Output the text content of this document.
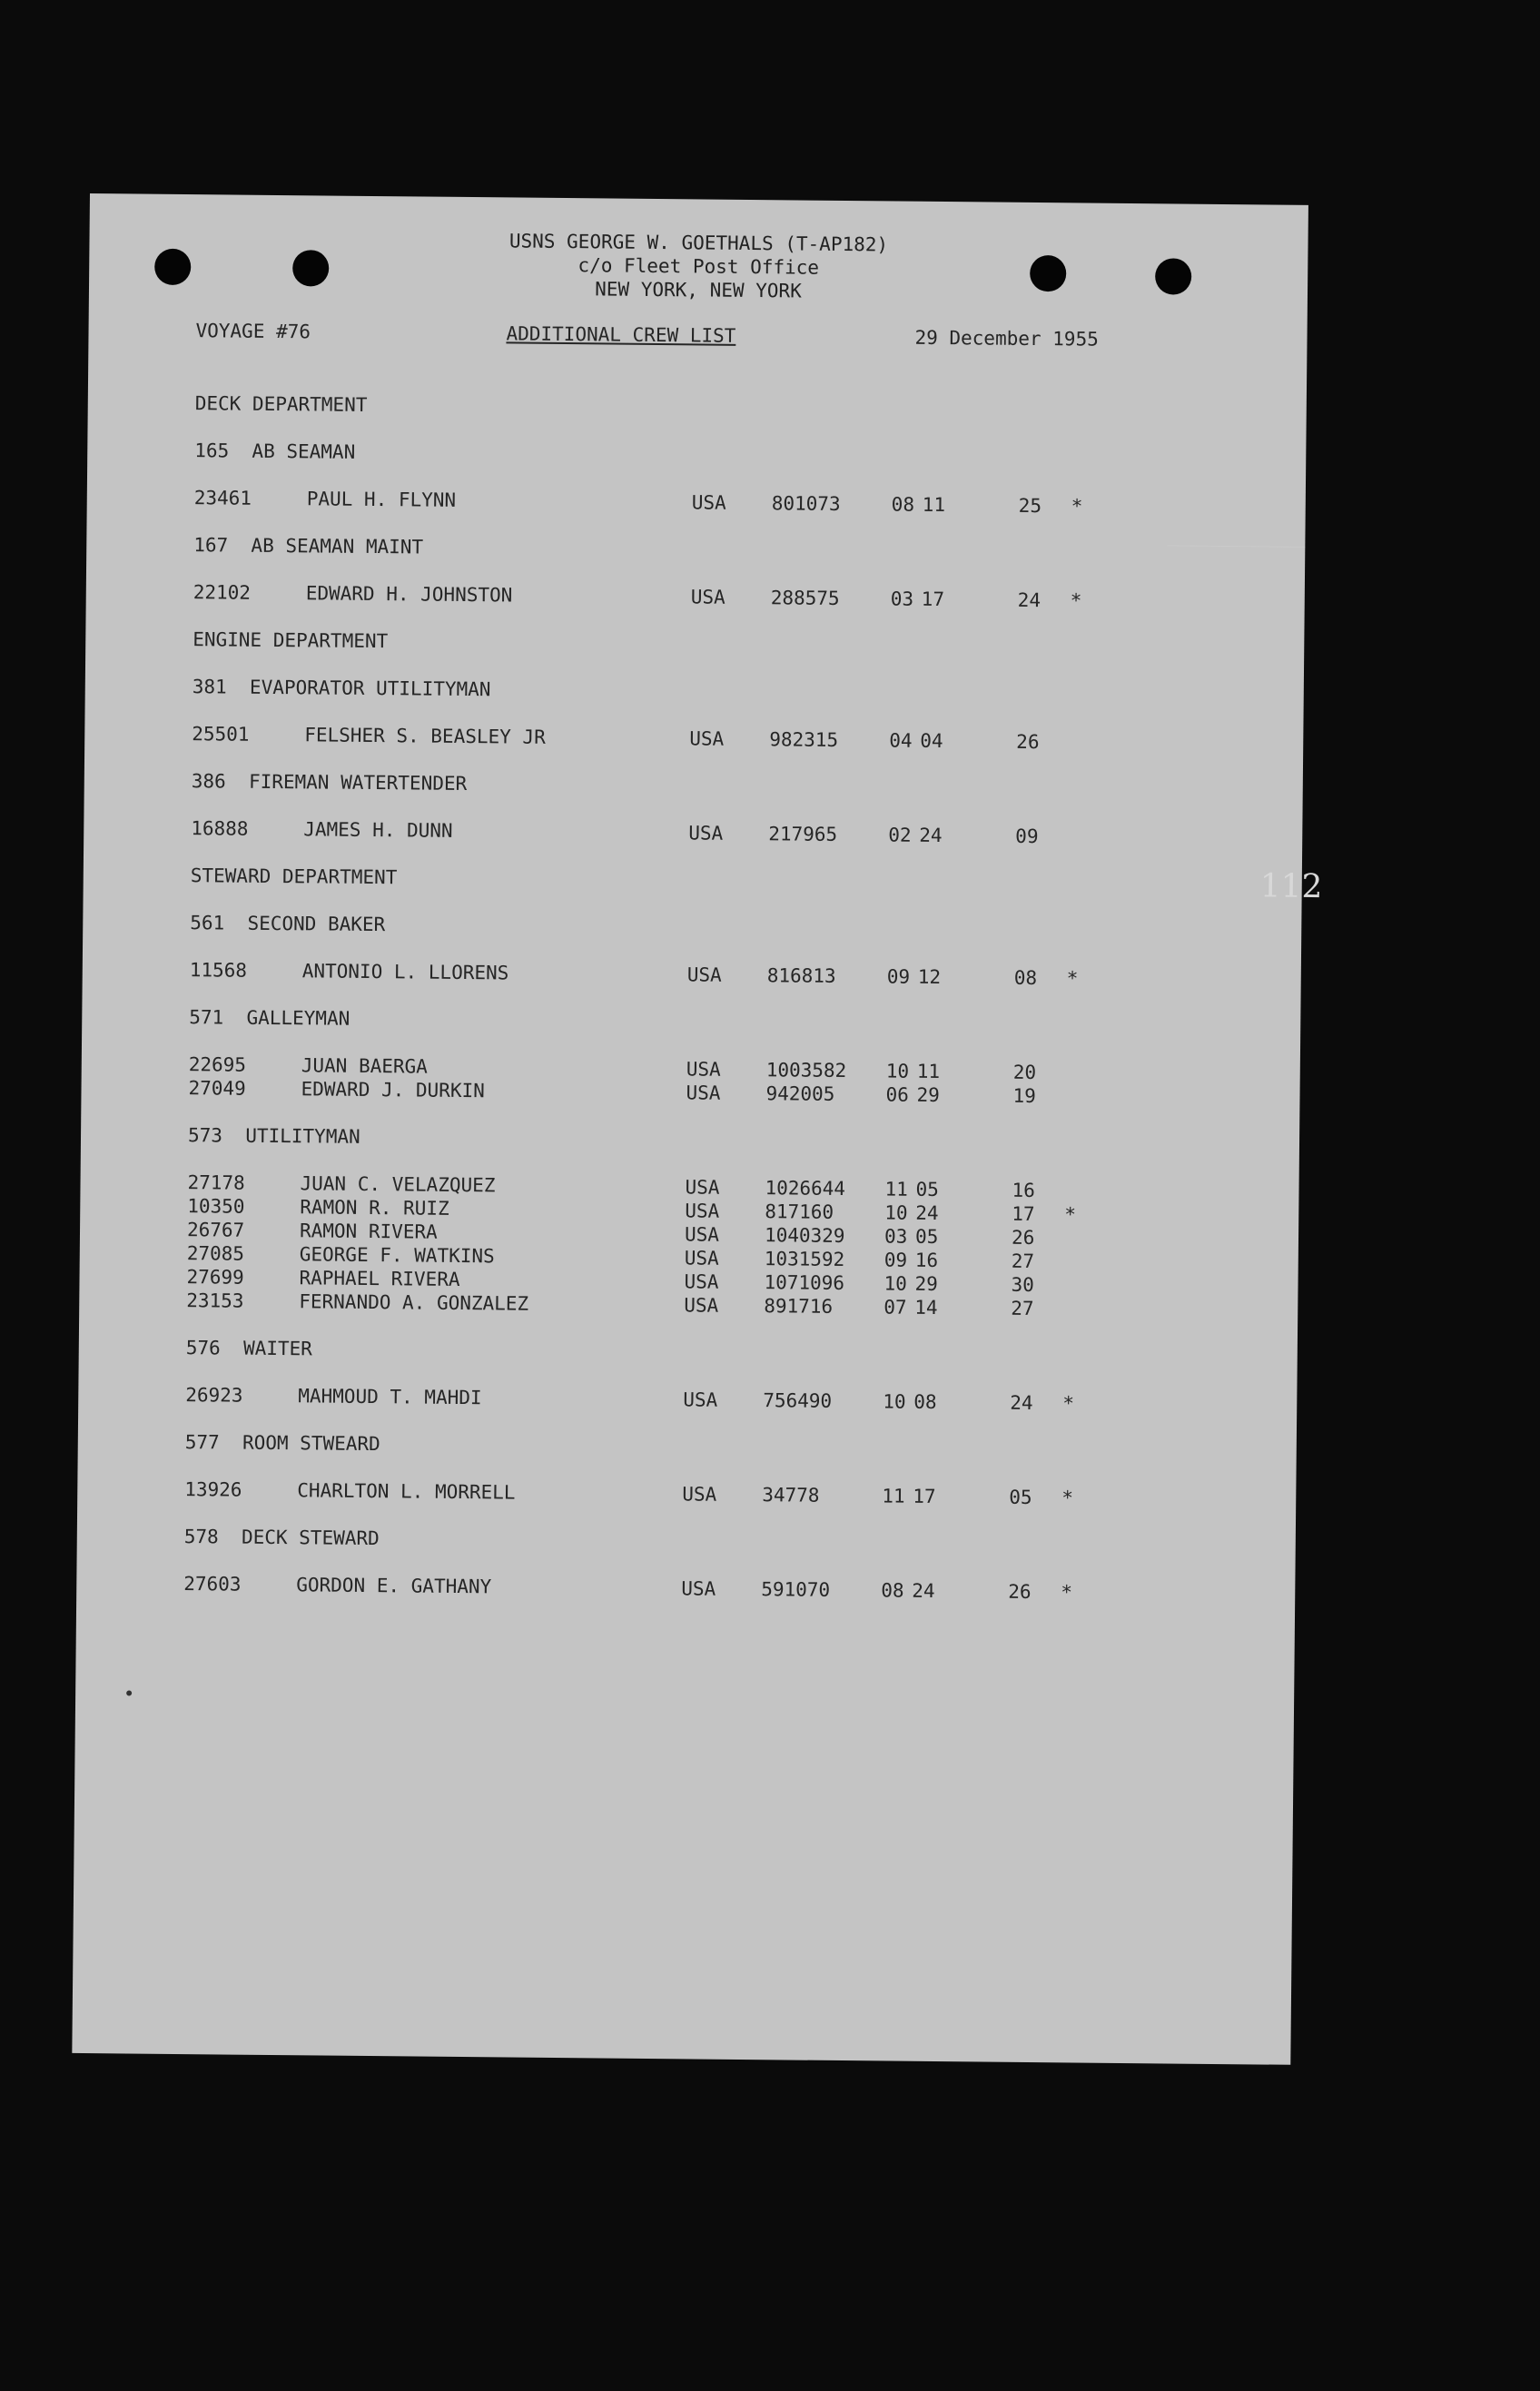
USNS GEORGE W. GOETHALS (T-AP182)
c/o Fleet Post Office
NEW YORK, NEW YORK
VOYAGE #76	ADDITIONAL CREW LIST	29 December 1955
112
DECK DEPARTMENT
165  AB SEAMAN
23461	PAUL H. FLYNN	USA 801073	08 11	25 *
167  AB SEAMAN MAINT
22102	EDWARD H. JOHNSTON	USA 288575	03 17	24 *
ENGINE DEPARTMENT
381  EVAPORATOR UTILITYMAN
25501	FELSHER S. BEASLEY JR	USA 982315	04 04	26
386  FIREMAN WATERTENDER
16888	JAMES H. DUNN	USA 217965	02 24	09
STEWARD DEPARTMENT
561  SECOND BAKER
11568	ANTONIO L. LLORENS	USA 816813	09 12	08 *
571  GALLEYMAN
22695	JUAN BAERGA	USA 1003582 10 11	20
27049	EDWARD J. DURKIN	USA 942005	06 29	19
573  UTILITYMAN
27178	JUAN C. VELAZQUEZ	USA 1026644 11 05	16
10350	RAMON R. RUIZ	USA 817160	10 24	17 *
26767	RAMON RIVERA	USA 1040329 03 05	26
27085	GEORGE F. WATKINS	USA 1031592 09 16	27
27699	RAPHAEL RIVERA	USA 1071096 10 29	30
23153	FERNANDO A. GONZALEZ	USA 891716	07 14	27
576  WAITER
26923	MAHMOUD T. MAHDI	USA 756490	10 08	24 *
577  ROOM STWEARD
13926	CHARLTON L. MORRELL	USA 34778	11 17	05 *
578  DECK STEWARD
27603	GORDON E. GATHANY	USA 591070	08 24	26 *
